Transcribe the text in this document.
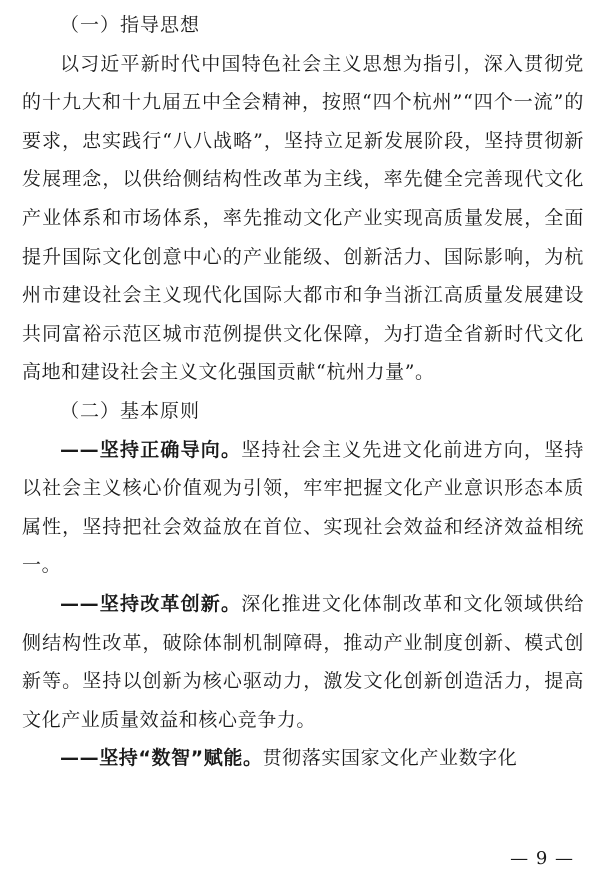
（一）指导思想

以习近平新时代中国特色社会主义思想为指引，深入贯彻党的十九大和十九届五中全会精神，按照“四个杭州”“四个一流”的要求，忠实践行“八八战略”，坚持立足新发展阶段，坚持贯彻新发展理念，以供给侧结构性改革为主线，率先健全完善现代文化产业体系和市场体系，率先推动文化产业实现高质量发展，全面提升国际文化创意中心的产业能级、创新活力、国际影响，为杭州市建设社会主义现代化国际大都市和争当浙江高质量发展建设共同富裕示范区城市范例提供文化保障，为打造全省新时代文化高地和建设社会主义文化强国贡献“杭州力量”。

（二）基本原则

——坚持正确导向。坚持社会主义先进文化前进方向，坚持以社会主义核心价值观为引领，牢牢把握文化产业意识形态本质属性，坚持把社会效益放在首位、实现社会效益和经济效益相统一。

——坚持改革创新。深化推进文化体制改革和文化领域供给侧结构性改革，破除体制机制障碍，推动产业制度创新、模式创新等。坚持以创新为核心驱动力，激发文化创新创造活力，提高文化产业质量效益和核心竞争力。

——坚持“数智”赋能。贯彻落实国家文化产业数字化

— 9 —
